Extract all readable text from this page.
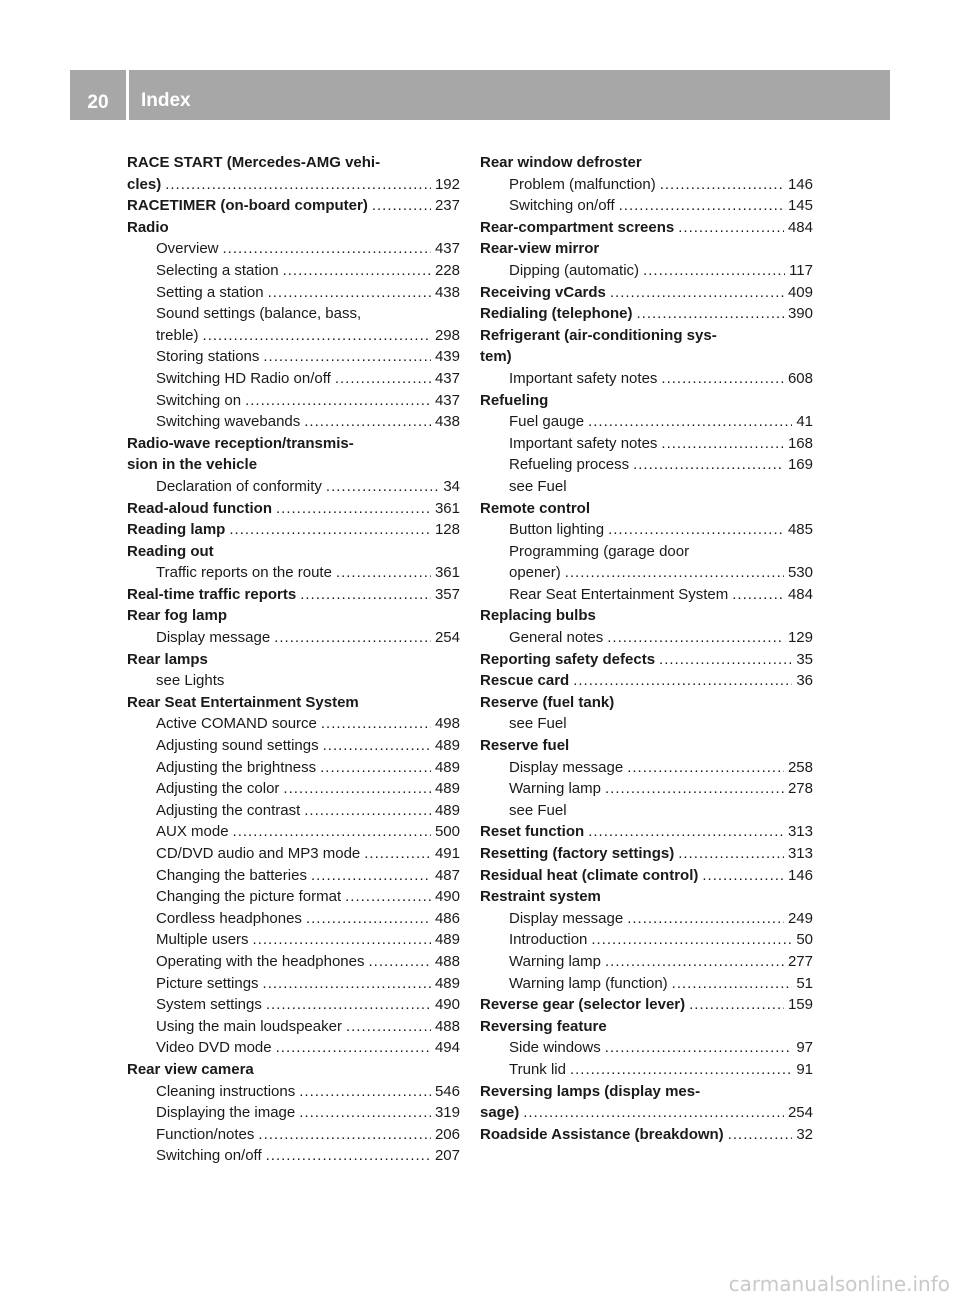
20	Index
RACE START (Mercedes-AMG vehi-
cles) .....	192
RACETIMER (on-board computer) .....	237
Radio
Overview .....	437
Selecting a station .....	228
Setting a station .....	438
Sound settings (balance, bass,
treble) .....	298
Storing stations .....	439
Switching HD Radio on/off .....	437
Switching on .....	437
Switching wavebands .....	438
Radio-wave reception/transmis-
sion in the vehicle
Declaration of conformity .....	34
Read-aloud function .....	361
Reading lamp .....	128
Reading out
Traffic reports on the route .....	361
Real-time traffic reports .....	357
Rear fog lamp
Display message .....	254
Rear lamps
see Lights
Rear Seat Entertainment System
Active COMAND source .....	498
Adjusting sound settings .....	489
Adjusting the brightness .....	489
Adjusting the color .....	489
Adjusting the contrast .....	489
AUX mode .....	500
CD/DVD audio and MP3 mode .....	491
Changing the batteries .....	487
Changing the picture format .....	490
Cordless headphones .....	486
Multiple users .....	489
Operating with the headphones .....	488
Picture settings .....	489
System settings .....	490
Using the main loudspeaker .....	488
Video DVD mode .....	494
Rear view camera
Cleaning instructions .....	546
Displaying the image .....	319
Function/notes .....	206
Switching on/off .....	207
Rear window defroster
Problem (malfunction) .....	146
Switching on/off .....	145
Rear-compartment screens .....	484
Rear-view mirror
Dipping (automatic) .....	117
Receiving vCards .....	409
Redialing (telephone) .....	390
Refrigerant (air-conditioning sys-
tem)
Important safety notes .....	608
Refueling
Fuel gauge .....	41
Important safety notes .....	168
Refueling process .....	169
see Fuel
Remote control
Button lighting .....	485
Programming (garage door
opener) .....	530
Rear Seat Entertainment System .....	484
Replacing bulbs
General notes .....	129
Reporting safety defects .....	35
Rescue card .....	36
Reserve (fuel tank)
see Fuel
Reserve fuel
Display message .....	258
Warning lamp .....	278
see Fuel
Reset function .....	313
Resetting (factory settings) .....	313
Residual heat (climate control) .....	146
Restraint system
Display message .....	249
Introduction .....	50
Warning lamp .....	277
Warning lamp (function) .....	51
Reverse gear (selector lever) .....	159
Reversing feature
Side windows .....	97
Trunk lid .....	91
Reversing lamps (display mes-
sage) .....	254
Roadside Assistance (breakdown) .....	32
carmanualsonline.info
